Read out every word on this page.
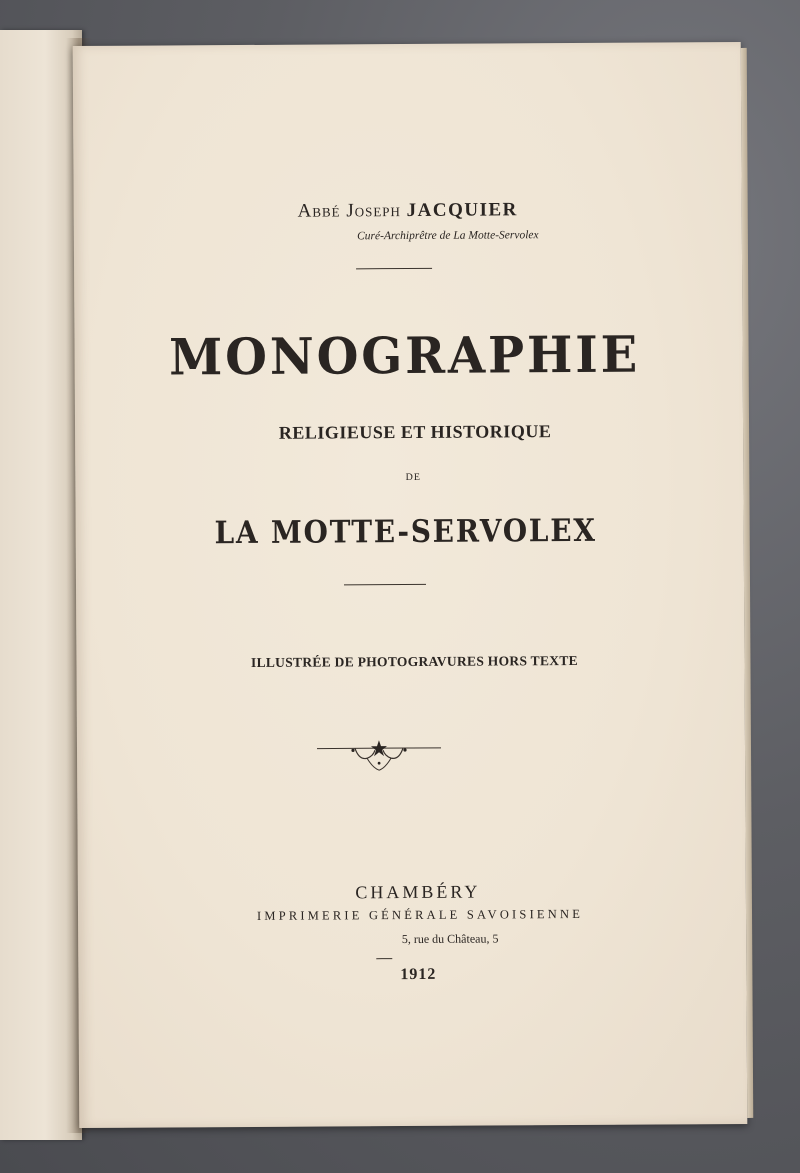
Abbé Joseph JACQUIER
Curé-Archiprêtre de La Motte-Servolex
MONOGRAPHIE
RELIGIEUSE ET HISTORIQUE
DE
LA MOTTE-SERVOLEX
ILLUSTRÉE DE PHOTOGRAVURES HORS TEXTE
CHAMBÉRY
IMPRIMERIE GÉNÉRALE SAVOISIENNE
5, rue du Château, 5
1912
